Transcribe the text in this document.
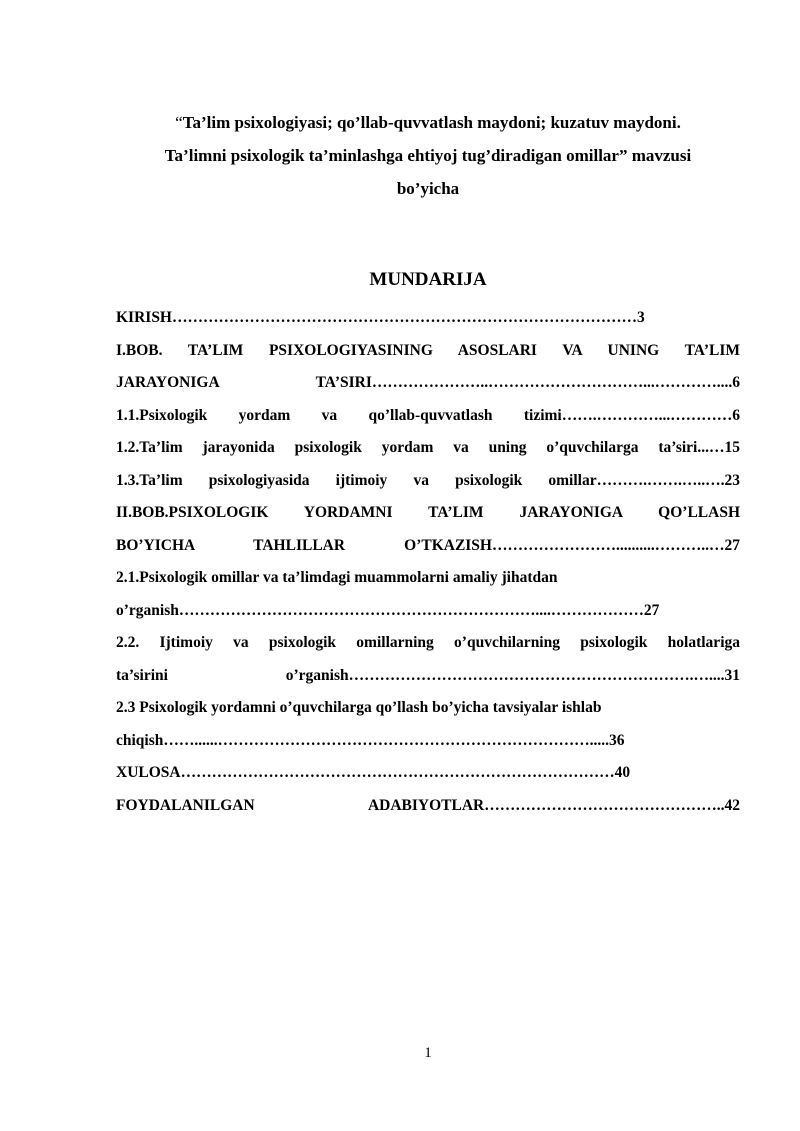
“Ta’lim psixologiyasi; qo’llab-quvvatlash maydoni; kuzatuv maydoni.
Ta’limni psixologik ta’minlashga ehtiyoj tug’diradigan omillar” mavzusi
bo’yicha
MUNDARIJA
KIRISH………………………………………………………………………………3
I.BOB. TA’LIM PSIXOLOGIYASINING ASOSLARI VA UNING TA’LIM
JARAYONIGA TA’SIRI…………………..…………………………...…………....6
1.1.Psixologik yordam va qo’llab-quvvatlash tizimi…….…………...…………6
1.2.Ta’lim jarayonida psixologik yordam va uning o’quvchilarga ta’siri...…15
1.3.Ta’lim psixologiyasida ijtimoiy va psixologik omillar……….…….…..….23
II.BOB.PSIXOLOGIK YORDAMNI TA’LIM JARAYONIGA QO’LLASH
BO’YICHA TAHLILLAR O’TKAZISH……………………..........………..…27
2.1.Psixologik omillar va ta’limdagi muammolarni amaliy jihatdan
o’rganish……………………………………………………………....………………27
2.2. Ijtimoiy va psixologik omillarning o’quvchilarning psixologik holatlariga
ta’sirini o’rganish………………………………………………………….…....31
2.3 Psixologik yordamni o’quvchilarga qo’llash bo’yicha tavsiyalar ishlab
chiqish……......……………………………………………………………….....36
XULOSA…………………………………………………………………………40
FOYDALANILGAN ADABIYOTLAR………………………………………..42
1
